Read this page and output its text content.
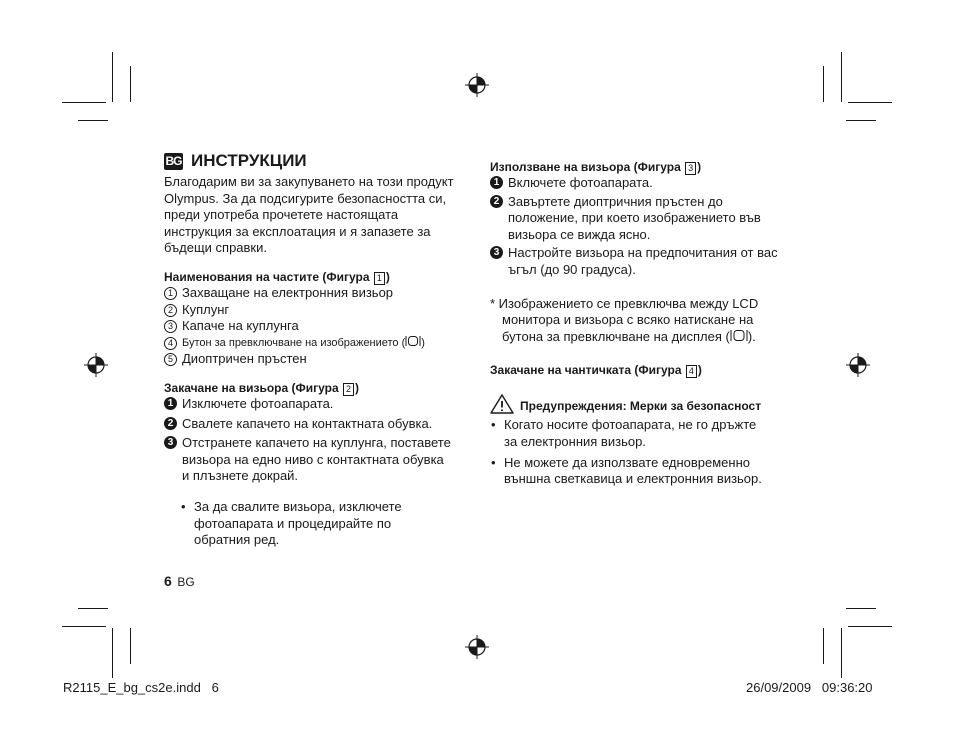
BG ИНСТРУКЦИИ

Благодарим ви за закупуването на този продукт Olympus. За да подсигурите безопасността си, преди употреба прочетете настоящата инструкция за експлоатация и я запазете за бъдещи справки.

Наименования на частите (Фигура 1 )

1 Захващане на електронния визьор
2 Куплунг
3 Капаче на куплунга
4 Бутон за превключване на изображението ( )
5 Диоптричен пръстен

Закачане на визьора (Фигура 2 )

1 Изключете фотоапарата.
2 Свалете капачето на контактната обувка.
3 Отстранете капачето на куплунга, поставете визьора на едно ниво с контактната обувка и плъзнете докрай.

• За да свалите визьора, изключете фотоапарата и процедирайте по обратния ред.

Използване на визьора (Фигура 3 )

1 Включете фотоапарата.
2 Завъртете диоптричния пръстен до положение, при което изображението във визьора се вижда ясно.
3 Настройте визьора на предпочитания от вас ъгъл (до 90 градуса).

* Изображението се превключва между LCD монитора и визьора с всяко натискане на бутона за превключване на дисплея ( ).

Закачане на чантичката (Фигура 4 )

Предупреждения: Мерки за безопасност

• Когато носите фотоапарата, не го дръжте за електронния визьор.

• Не можете да използвате едновременно външна светкавица и електронния визьор.

6 BG
R2115_E_bg_cs2e.indd   6	26/09/2009   09:36:20
